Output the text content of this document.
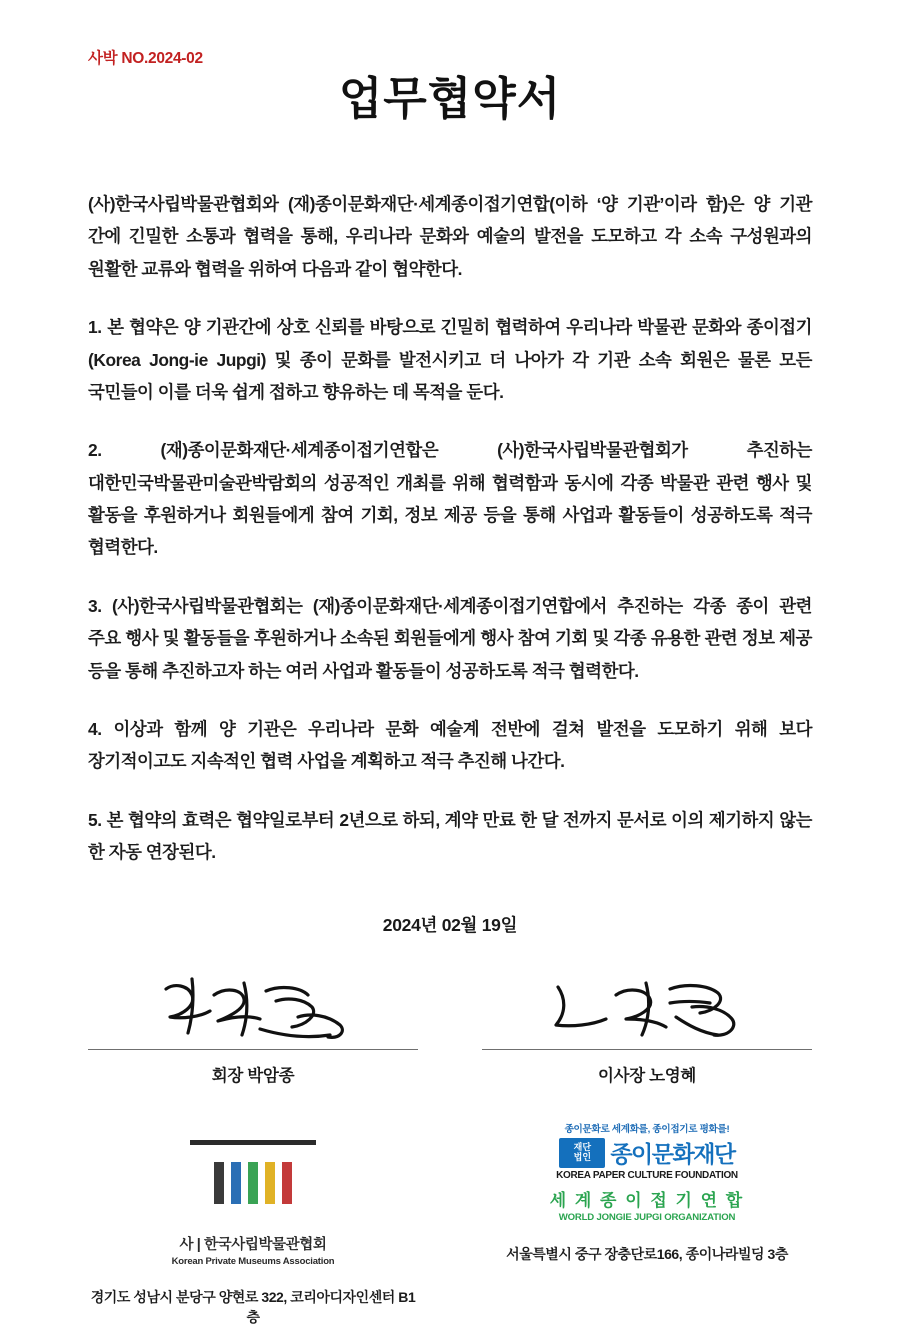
사박 NO.2024-02
업무협약서

(사)한국사립박물관협회와 (재)종이문화재단·세계종이접기연합(이하 ‘양 기관’이라 함)은 양 기관 간에 긴밀한 소통과 협력을 통해, 우리나라 문화와 예술의 발전을 도모하고 각 소속 구성원과의 원활한 교류와 협력을 위하여 다음과 같이 협약한다.

1. 본 협약은 양 기관간에 상호 신뢰를 바탕으로 긴밀히 협력하여 우리나라 박물관 문화와 종이접기(Korea Jong-ie Jupgi) 및 종이 문화를 발전시키고 더 나아가 각 기관 소속 회원은 물론 모든 국민들이 이를 더욱 쉽게 접하고 향유하는 데 목적을 둔다.

2. (재)종이문화재단·세계종이접기연합은 (사)한국사립박물관협회가 추진하는 대한민국박물관미술관박람회의 성공적인 개최를 위해 협력함과 동시에 각종 박물관 관련 행사 및 활동을 후원하거나 회원들에게 참여 기회, 정보 제공 등을 통해 사업과 활동들이 성공하도록 적극 협력한다.

3. (사)한국사립박물관협회는 (재)종이문화재단·세계종이접기연합에서 추진하는 각종 종이 관련 주요 행사 및 활동들을 후원하거나 소속된 회원들에게 행사 참여 기회 및 각종 유용한 관련 정보 제공 등을 통해 추진하고자 하는 여러 사업과 활동들이 성공하도록 적극 협력한다.

4. 이상과 함께 양 기관은 우리나라 문화 예술계 전반에 걸쳐 발전을 도모하기 위해 보다 장기적이고도 지속적인 협력 사업을 계획하고 적극 추진해 나간다.

5. 본 협약의 효력은 협약일로부터 2년으로 하되, 계약 만료 한 달 전까지 문서로 이의 제기하지 않는 한 자동 연장된다.

2024년 02월 19일
회장 박암종	이사장 노영혜
사 | 한국사립박물관협회
Korean Private Museums Association
경기도 성남시 분당구 양현로 322, 코리아디자인센터 B1층
종이문화로 세계화를, 종이접기로 평화를!
재단
법인 종이문화재단
KOREA PAPER CULTURE FOUNDATION
세 계 종 이 접 기 연 합
WORLD JONGIE JUPGI ORGANIZATION
서울특별시 중구 장충단로166, 종이나라빌딩 3층
